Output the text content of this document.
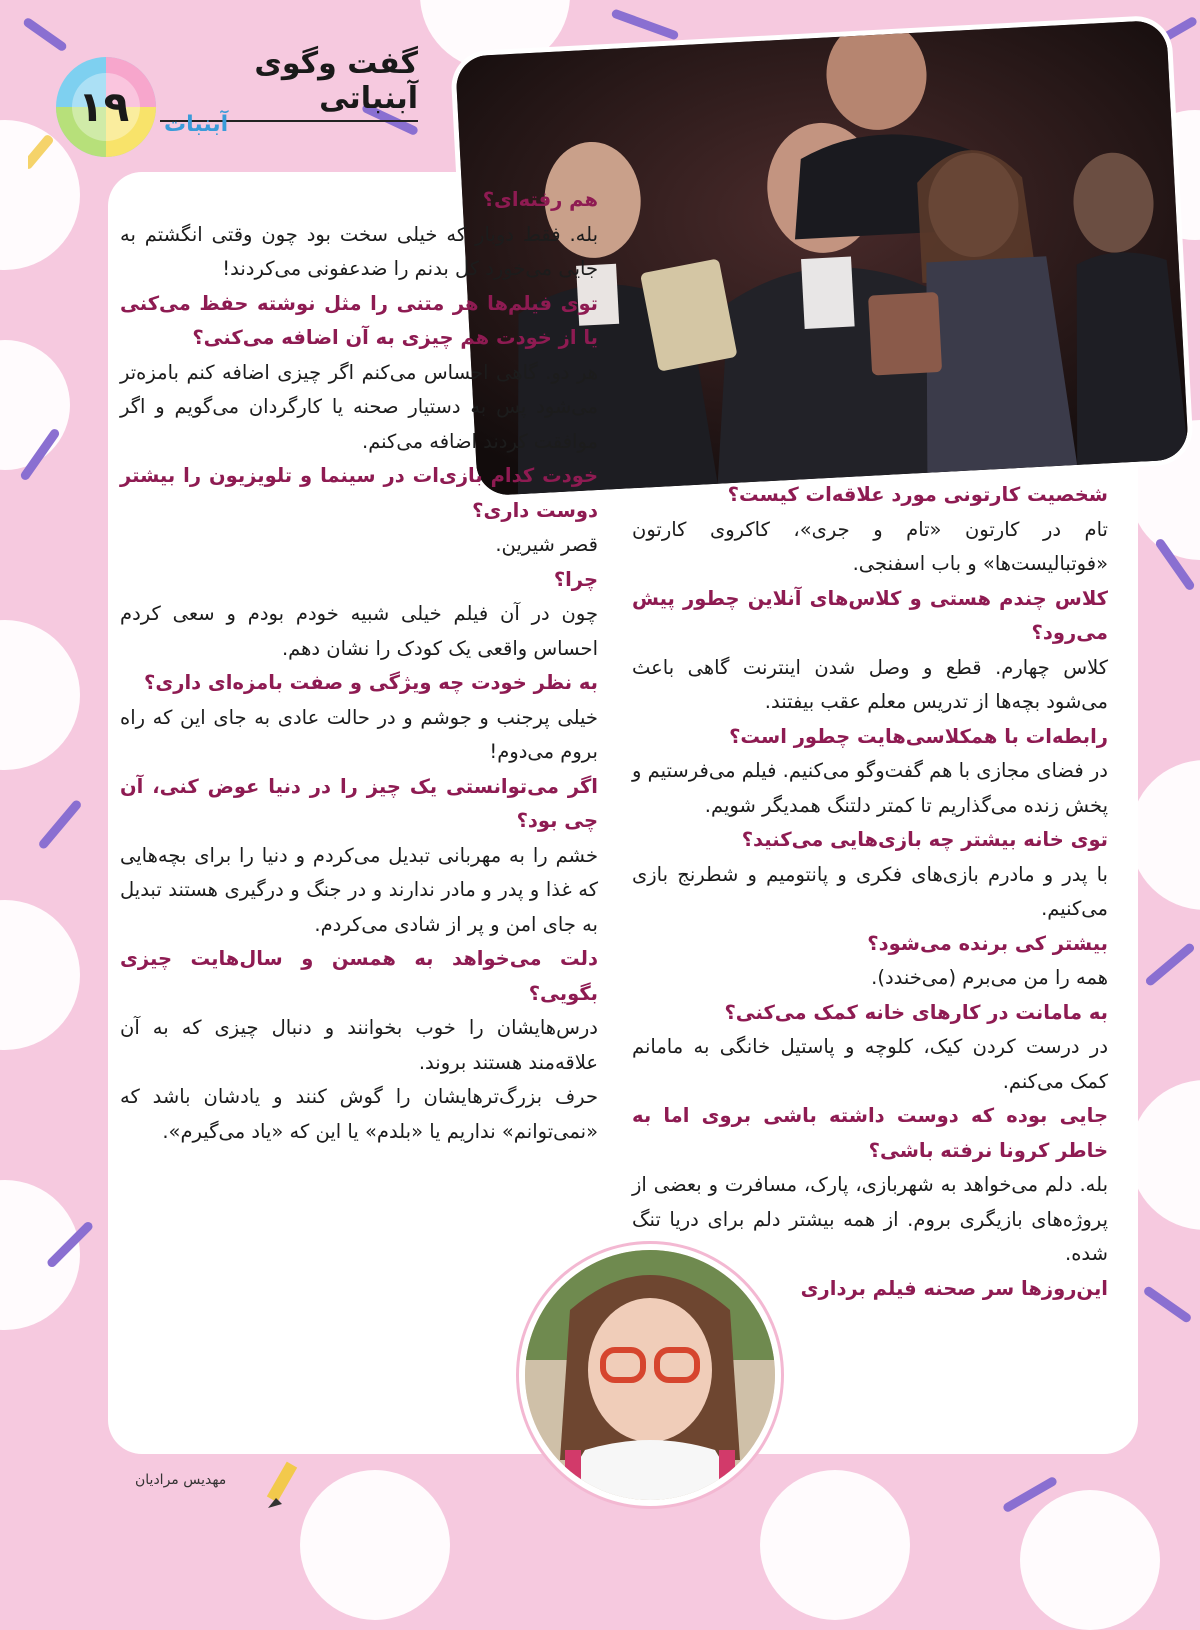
گفت وگوی آبنباتی
آبنبات
۱۹

هم رفته‌ای؟

بله. فقط دوبار که خیلی سخت بود چون وقتی انگشتم به جایی می‌خورد کل بدنم را ضدعفونی می‌کردند!

توی فیلم‌ها هر متنی را مثل نوشته حفظ می‌کنی یا از خودت هم چیزی به آن اضافه می‌کنی؟

هر دو. گاهی احساس می‌کنم اگر چیزی اضافه کنم بامزه‌تر می‌شود پس به دستیار صحنه یا کارگردان می‌گویم و اگر موافقت کردند اضافه می‌کنم.

خودت کدام بازی‌ات در سینما و تلویزیون را بیشتر دوست داری؟

قصر شیرین.

چرا؟

چون در آن فیلم خیلی شبیه خودم بودم و سعی کردم احساس واقعی یک کودک را نشان دهم.

به نظر خودت چه ویژگی و صفت بامزه‌ای داری؟

خیلی پرجنب و جوشم و در حالت عادی به جای این که راه بروم می‌دوم!

اگر می‌توانستی یک چیز را در دنیا عوض کنی، آن چی بود؟

خشم را به مهربانی تبدیل می‌کردم و دنیا را برای بچه‌هایی که غذا و پدر و مادر ندارند و در جنگ و درگیری هستند تبدیل به جای امن و پر از شادی می‌کردم.

دلت می‌خواهد به همسن و سال‌هایت چیزی بگویی؟

درس‌هایشان را خوب بخوانند و دنبال چیزی که به آن علاقه‌مند هستند بروند.

حرف بزرگ‌ترهایشان را گوش کنند و یادشان باشد که «نمی‌توانم» نداریم یا «بلدم» یا این که «یاد می‌گیرم».

شخصیت کارتونی مورد علاقه‌ات کیست؟

تام در کارتون «تام و جری»، کاکروی کارتون «فوتبالیست‌ها» و باب اسفنجی.

کلاس چندم هستی و کلاس‌های آنلاین چطور پیش می‌رود؟

کلاس چهارم. قطع و وصل شدن اینترنت گاهی باعث می‌شود بچه‌ها از تدریس معلم عقب بیفتند.

رابطه‌ات با همکلاسی‌هایت چطور است؟

در فضای مجازی با هم گفت‌وگو می‌کنیم. فیلم می‌فرستیم و پخش زنده می‌گذاریم تا کمتر دلتنگ همدیگر شویم.

توی خانه بیشتر چه بازی‌هایی می‌کنید؟

با پدر و مادرم بازی‌های فکری و پانتومیم و شطرنج بازی می‌کنیم.

بیشتر کی برنده می‌شود؟

همه را من می‌برم (می‌خندد).

به مامانت در کارهای خانه کمک می‌کنی؟

در درست کردن کیک، کلوچه و پاستیل خانگی به مامانم کمک می‌کنم.

جایی بوده که دوست داشته باشی بروی اما به خاطر کرونا نرفته باشی؟

بله. دلم می‌خواهد به شهربازی، پارک، مسافرت و بعضی از پروژه‌های بازیگری بروم. از همه بیشتر دلم برای دریا تنگ شده.

این‌روزها سر صحنه فیلم برداری

مهدیس مرادیان
